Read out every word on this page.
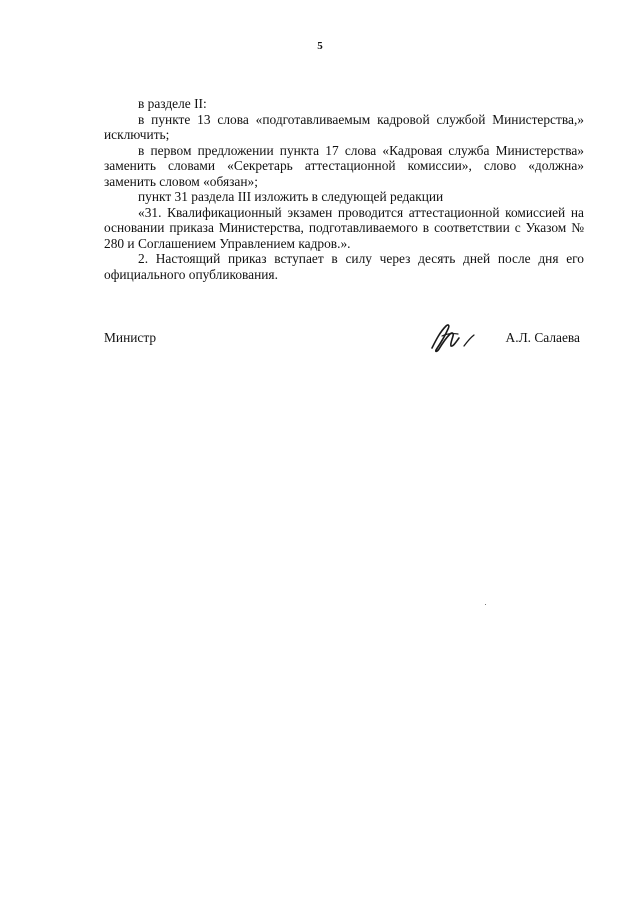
5

в разделе II:

в пункте 13 слова «подготавливаемым кадровой службой Министерства,» исключить;

в первом предложении пункта 17 слова «Кадровая служба Министерства» заменить словами «Секретарь аттестационной комиссии», слово «должна» заменить словом «обязан»;

пункт 31 раздела III изложить в следующей редакции

«31. Квалификационный экзамен проводится аттестационной комиссией на основании приказа Министерства, подготавливаемого в соответствии с Указом № 280 и Соглашением Управлением кадров.».

2. Настоящий приказ вступает в силу через десять дней после дня его официального опубликования.

Министр	А.Л. Салаева
